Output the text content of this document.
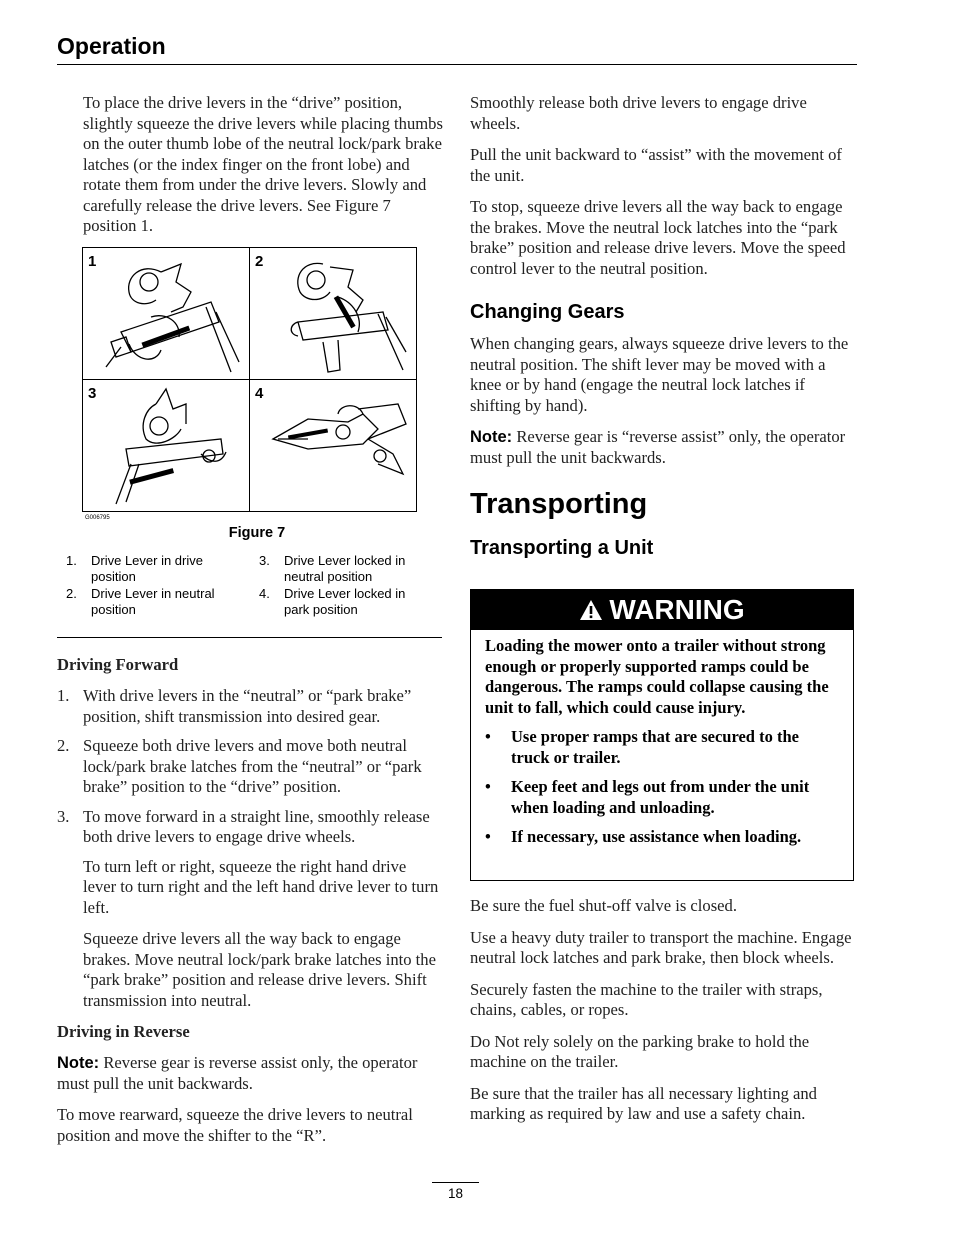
Operation

To place the drive levers in the “drive” position, slightly squeeze the drive levers while placing thumbs on the outer thumb lobe of the neutral lock/park brake latches (or the index finger on the front lobe) and rotate them from under the drive levers. Slowly and carefully release the drive levers. See Figure 7 position 1.

1	2
3	4
G006795
Figure 7
1. Drive Lever in drive position
2. Drive Lever in neutral position
3. Drive Lever locked in neutral position
4. Drive Lever locked in park position
Driving Forward
1. With drive levers in the “neutral” or “park brake” position, shift transmission into desired gear.
2. Squeeze both drive levers and move both neutral lock/park brake latches from the “neutral” or “park brake” position to the “drive” position.
3. To move forward in a straight line, smoothly release both drive levers to engage drive wheels.

To turn left or right, squeeze the right hand drive lever to turn right and the left hand drive lever to turn left.

Squeeze drive levers all the way back to engage brakes. Move neutral lock/park brake latches into the “park brake” position and release drive levers. Shift transmission into neutral.

Driving in Reverse

Note: Reverse gear is reverse assist only, the operator must pull the unit backwards.

To move rearward, squeeze the drive levers to neutral position and move the shifter to the “R”.

Smoothly release both drive levers to engage drive wheels.

Pull the unit backward to “assist” with the movement of the unit.

To stop, squeeze drive levers all the way back to engage the brakes. Move the neutral lock latches into the “park brake” position and release drive levers. Move the speed control lever to the neutral position.

Changing Gears

When changing gears, always squeeze drive levers to the neutral position. The shift lever may be moved with a knee or by hand (engage the neutral lock latches if shifting by hand).

Note: Reverse gear is “reverse assist” only, the operator must pull the unit backwards.

Transporting
Transporting a Unit
WARNING
Loading the mower onto a trailer without strong enough or properly supported ramps could be dangerous. The ramps could collapse causing the unit to fall, which could cause injury.
• Use proper ramps that are secured to the truck or trailer.
• Keep feet and legs out from under the unit when loading and unloading.
• If necessary, use assistance when loading.

Be sure the fuel shut-off valve is closed.

Use a heavy duty trailer to transport the machine. Engage neutral lock latches and park brake, then block wheels.

Securely fasten the machine to the trailer with straps, chains, cables, or ropes.

Do Not rely solely on the parking brake to hold the machine on the trailer.

Be sure that the trailer has all necessary lighting and marking as required by law and use a safety chain.

18
